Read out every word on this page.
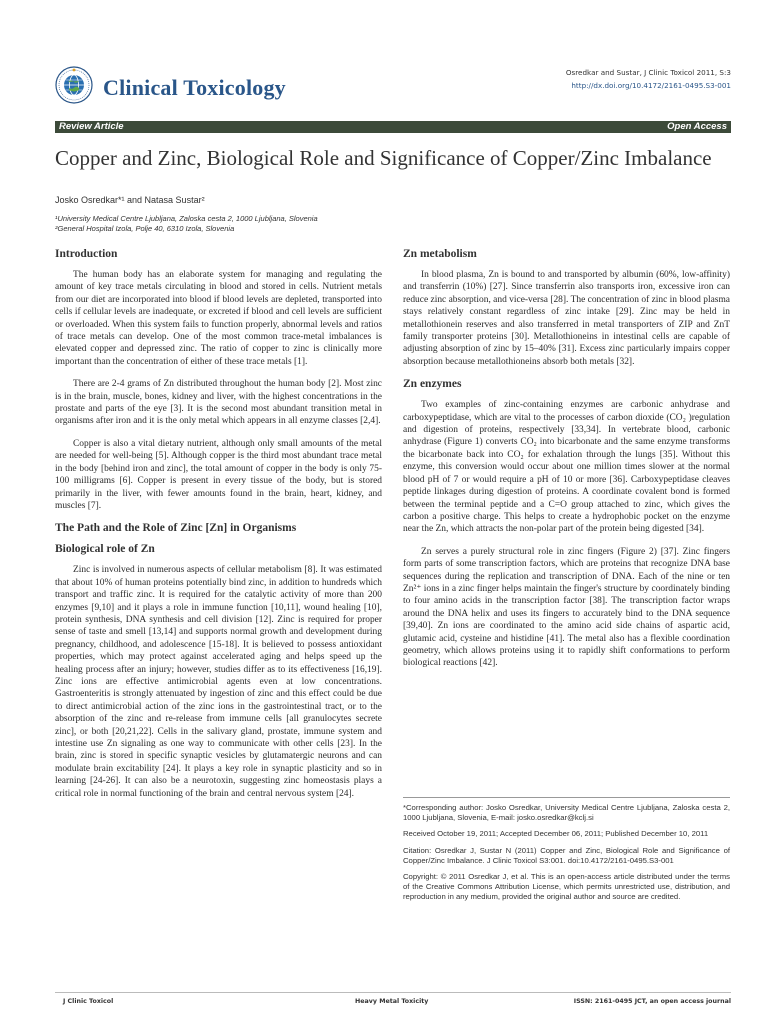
Clinical Toxicology
Osredkar and Sustar, J Clinic Toxicol 2011, S:3
http://dx.doi.org/10.4172/2161-0495.S3-001
Review Article	Open Access
Copper and Zinc, Biological Role and Significance of Copper/Zinc Imbalance
Josko Osredkar*¹ and Natasa Sustar²
¹University Medical Centre Ljubljana, Zaloska cesta 2, 1000 Ljubljana, Slovenia
²General Hospital Izola, Polje 40, 6310 Izola, Slovenia
Introduction

The human body has an elaborate system for managing and regulating the amount of key trace metals circulating in blood and stored in cells. Nutrient metals from our diet are incorporated into blood if blood levels are depleted, transported into cells if cellular levels are inadequate, or excreted if blood and cell levels are sufficient or overloaded. When this system fails to function properly, abnormal levels and ratios of trace metals can develop. One of the most common trace-metal imbalances is elevated copper and depressed zinc. The ratio of copper to zinc is clinically more important than the concentration of either of these trace metals [1].

There are 2-4 grams of Zn distributed throughout the human body [2]. Most zinc is in the brain, muscle, bones, kidney and liver, with the highest concentrations in the prostate and parts of the eye [3]. It is the second most abundant transition metal in organisms after iron and it is the only metal which appears in all enzyme classes [2,4].

Copper is also a vital dietary nutrient, although only small amounts of the metal are needed for well-being [5]. Although copper is the third most abundant trace metal in the body [behind iron and zinc], the total amount of copper in the body is only 75-100 milligrams [6]. Copper is present in every tissue of the body, but is stored primarily in the liver, with fewer amounts found in the brain, heart, kidney, and muscles [7].

The Path and the Role of Zinc [Zn] in Organisms
Biological role of Zn

Zinc is involved in numerous aspects of cellular metabolism [8]. It was estimated that about 10% of human proteins potentially bind zinc, in addition to hundreds which transport and traffic zinc. It is required for the catalytic activity of more than 200 enzymes [9,10] and it plays a role in immune function [10,11], wound healing [10], protein synthesis, DNA synthesis and cell division [12]. Zinc is required for proper sense of taste and smell [13,14] and supports normal growth and development during pregnancy, childhood, and adolescence [15-18]. It is believed to possess antioxidant properties, which may protect against accelerated aging and helps speed up the healing process after an injury; however, studies differ as to its effectiveness [16,19]. Zinc ions are effective antimicrobial agents even at low concentrations. Gastroenteritis is strongly attenuated by ingestion of zinc and this effect could be due to direct antimicrobial action of the zinc ions in the gastrointestinal tract, or to the absorption of the zinc and re-release from immune cells [all granulocytes secrete zinc], or both [20,21,22]. Cells in the salivary gland, prostate, immune system and intestine use Zn signaling as one way to communicate with other cells [23]. In the brain, zinc is stored in specific synaptic vesicles by glutamatergic neurons and can modulate brain excitability [24]. It plays a key role in synaptic plasticity and so in learning [24-26]. It can also be a neurotoxin, suggesting zinc homeostasis plays a critical role in normal functioning of the brain and central nervous system [24].

Zn metabolism

In blood plasma, Zn is bound to and transported by albumin (60%, low-affinity) and transferrin (10%) [27]. Since transferrin also transports iron, excessive iron can reduce zinc absorption, and vice-versa [28]. The concentration of zinc in blood plasma stays relatively constant regardless of zinc intake [29]. Zinc may be held in metallothionein reserves and also transferred in metal transporters of ZIP and ZnT family transporter proteins [30]. Metallothioneins in intestinal cells are capable of adjusting absorption of zinc by 15–40% [31]. Excess zinc particularly impairs copper absorption because metallothioneins absorb both metals [32].

Zn enzymes

Two examples of zinc-containing enzymes are carbonic anhydrase and carboxypeptidase, which are vital to the processes of carbon dioxide (CO₂ )regulation and digestion of proteins, respectively [33,34]. In vertebrate blood, carbonic anhydrase (Figure 1) converts CO₂ into bicarbonate and the same enzyme transforms the bicarbonate back into CO₂ for exhalation through the lungs [35]. Without this enzyme, this conversion would occur about one million times slower at the normal blood pH of 7 or would require a pH of 10 or more [36]. Carboxypeptidase cleaves peptide linkages during digestion of proteins. A coordinate covalent bond is formed between the terminal peptide and a C=O group attached to zinc, which gives the carbon a positive charge. This helps to create a hydrophobic pocket on the enzyme near the Zn, which attracts the non-polar part of the protein being digested [34].

Zn serves a purely structural role in zinc fingers (Figure 2) [37]. Zinc fingers form parts of some transcription factors, which are proteins that recognize DNA base sequences during the replication and transcription of DNA. Each of the nine or ten Zn²⁺ ions in a zinc finger helps maintain the finger's structure by coordinately binding to four amino acids in the transcription factor [38]. The transcription factor wraps around the DNA helix and uses its fingers to accurately bind to the DNA sequence [39,40]. Zn ions are coordinated to the amino acid side chains of aspartic acid, glutamic acid, cysteine and histidine [41]. The metal also has a flexible coordination geometry, which allows proteins using it to rapidly shift conformations to perform biological reactions [42].

*Corresponding author: Josko Osredkar, University Medical Centre Ljubljana, Zaloska cesta 2, 1000 Ljubljana, Slovenia, E-mail: josko.osredkar@kclj.si

Received October 19, 2011; Accepted December 06, 2011; Published December 10, 2011

Citation: Osredkar J, Sustar N (2011) Copper and Zinc, Biological Role and Significance of Copper/Zinc Imbalance. J Clinic Toxicol S3:001. doi:10.4172/2161-0495.S3-001

Copyright: © 2011 Osredkar J, et al. This is an open-access article distributed under the terms of the Creative Commons Attribution License, which permits unrestricted use, distribution, and reproduction in any medium, provided the original author and source are credited.

J Clinic Toxicol	Heavy Metal Toxicity	ISSN: 2161-0495 JCT, an open access journal
